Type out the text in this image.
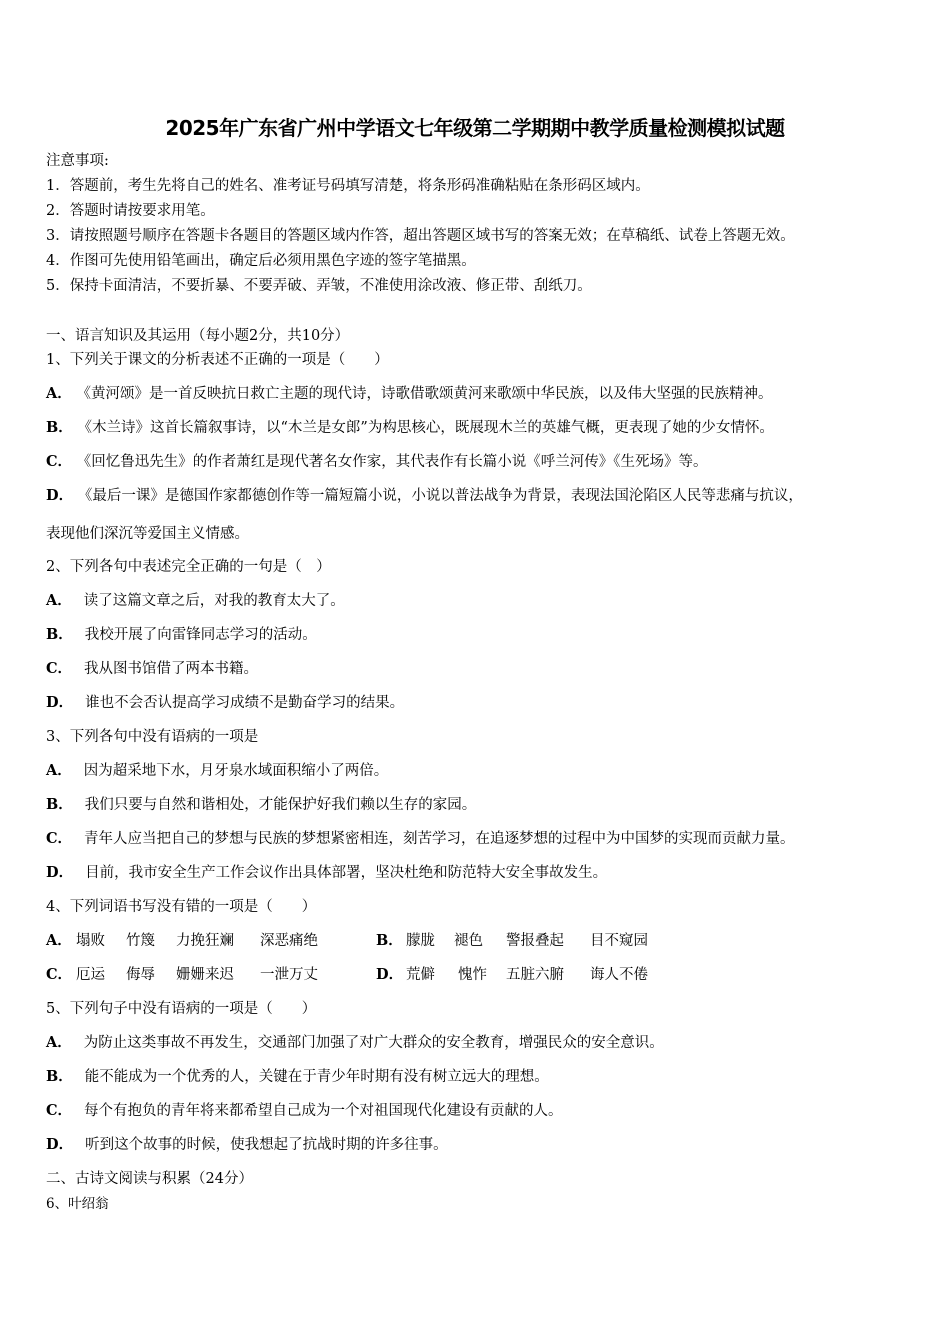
2025年广东省广州中学语文七年级第二学期期中教学质量检测模拟试题
注意事项:
1．答题前，考生先将自己的姓名、准考证号码填写清楚，将条形码准确粘贴在条形码区域内。
2．答题时请按要求用笔。
3．请按照题号顺序在答题卡各题目的答题区域内作答，超出答题区域书写的答案无效；在草稿纸、试卷上答题无效。
4．作图可先使用铅笔画出，确定后必须用黑色字迹的签字笔描黑。
5．保持卡面清洁，不要折暴、不要弄破、弄皱，不准使用涂改液、修正带、刮纸刀。
一、语言知识及其运用（每小题2分，共10分）
1、下列关于课文的分析表述不正确的一项是（　　）
A． 《黄河颂》是一首反映抗日救亡主题的现代诗，诗歌借歌颂黄河来歌颂中华民族，以及伟大坚强的民族精神。
B． 《木兰诗》这首长篇叙事诗，以“木兰是女郎”为构思核心，既展现木兰的英雄气概，更表现了她的少女情怀。
C． 《回忆鲁迅先生》的作者萧红是现代著名女作家，其代表作有长篇小说《呼兰河传》《生死场》等。
D． 《最后一课》是德国作家都德创作等一篇短篇小说，小说以普法战争为背景，表现法国沦陷区人民等悲痛与抗议，
表现他们深沉等爱国主义情感。
2、下列各句中表述完全正确的一句是（　）
A． 读了这篇文章之后，对我的教育太大了。
B． 我校开展了向雷锋同志学习的活动。
C． 我从图书馆借了两本书籍。
D． 谁也不会否认提高学习成绩不是勤奋学习的结果。
3、下列各句中没有语病的一项是
A． 因为超采地下水，月牙泉水域面积缩小了两倍。
B． 我们只要与自然和谐相处，才能保护好我们赖以生存的家园。
C． 青年人应当把自己的梦想与民族的梦想紧密相连，刻苦学习，在追逐梦想的过程中为中国梦的实现而贡献力量。
D． 目前，我市安全生产工作会议作出具体部署，坚决杜绝和防范特大安全事故发生。
4、下列词语书写没有错的一项是（　　）
A． 塌败 竹篾 力挽狂斓 深恶痛绝	B． 朦胧 褪色 警报叠起 目不窥园
C． 厄运 侮辱 姗姗来迟 一泄万丈	D． 荒僻 愧怍 五脏六腑 诲人不倦
5、下列句子中没有语病的一项是（　　）
A． 为防止这类事故不再发生，交通部门加强了对广大群众的安全教育，增强民众的安全意识。
B． 能不能成为一个优秀的人，关键在于青少年时期有没有树立远大的理想。
C． 每个有抱负的青年将来都希望自己成为一个对祖国现代化建设有贡献的人。
D． 听到这个故事的时候，使我想起了抗战时期的许多往事。
二、古诗文阅读与积累（24分）
6、叶绍翁
